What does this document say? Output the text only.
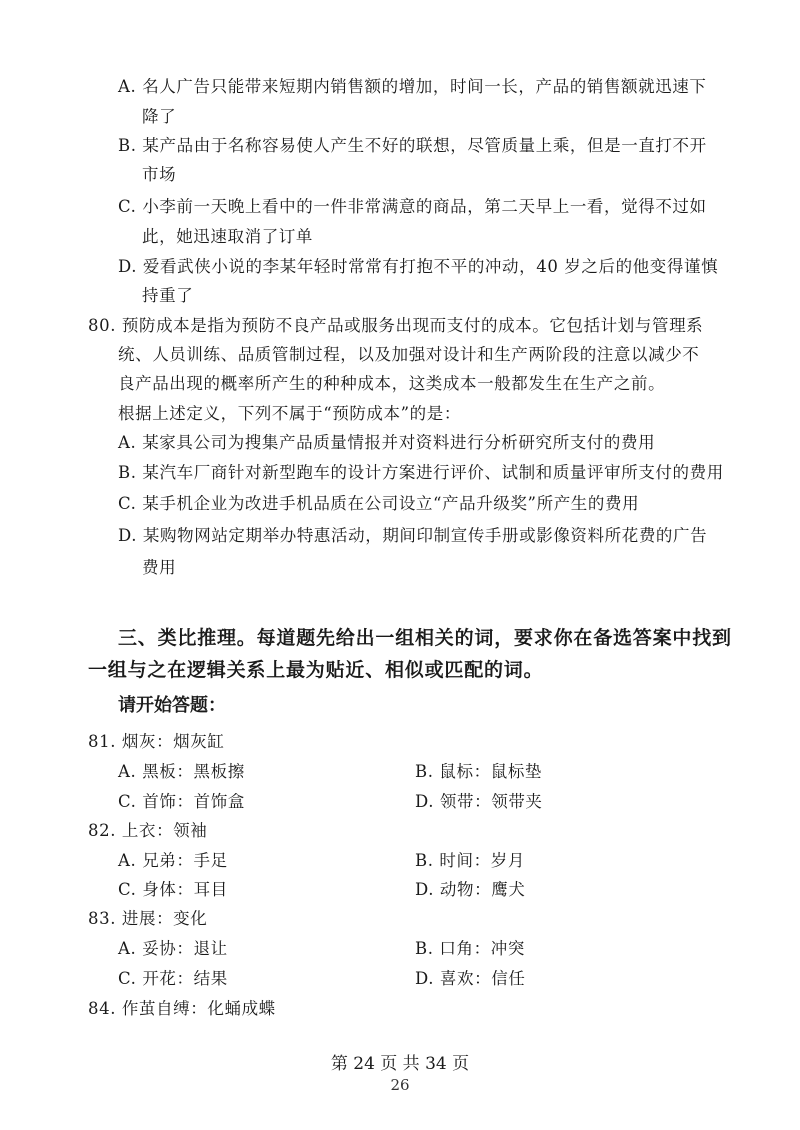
A. 名人广告只能带来短期内销售额的增加，时间一长，产品的销售额就迅速下
降了
B. 某产品由于名称容易使人产生不好的联想，尽管质量上乘，但是一直打不开
市场
C. 小李前一天晚上看中的一件非常满意的商品，第二天早上一看，觉得不过如
此，她迅速取消了订单
D. 爱看武侠小说的李某年轻时常常有打抱不平的冲动，40 岁之后的他变得谨慎
持重了
80. 预防成本是指为预防不良产品或服务出现而支付的成本。它包括计划与管理系
统、人员训练、品质管制过程，以及加强对设计和生产两阶段的注意以减少不
良产品出现的概率所产生的种种成本，这类成本一般都发生在生产之前。
根据上述定义，下列不属于“预防成本”的是：
A. 某家具公司为搜集产品质量情报并对资料进行分析研究所支付的费用
B. 某汽车厂商针对新型跑车的设计方案进行评价、试制和质量评审所支付的费用
C. 某手机企业为改进手机品质在公司设立“产品升级奖”所产生的费用
D. 某购物网站定期举办特惠活动，期间印制宣传手册或影像资料所花费的广告
费用
三、类比推理。每道题先给出一组相关的词，要求你在备选答案中找到
一组与之在逻辑关系上最为贴近、相似或匹配的词。
请开始答题：
81. 烟灰：烟灰缸
A. 黑板：黑板擦	B. 鼠标：鼠标垫
C. 首饰：首饰盒	D. 领带：领带夹
82. 上衣：领袖
A. 兄弟：手足	B. 时间：岁月
C. 身体：耳目	D. 动物：鹰犬
83. 进展：变化
A. 妥协：退让	B. 口角：冲突
C. 开花：结果	D. 喜欢：信任
84. 作茧自缚：化蛹成蝶
第 24 页 共 34 页
26
